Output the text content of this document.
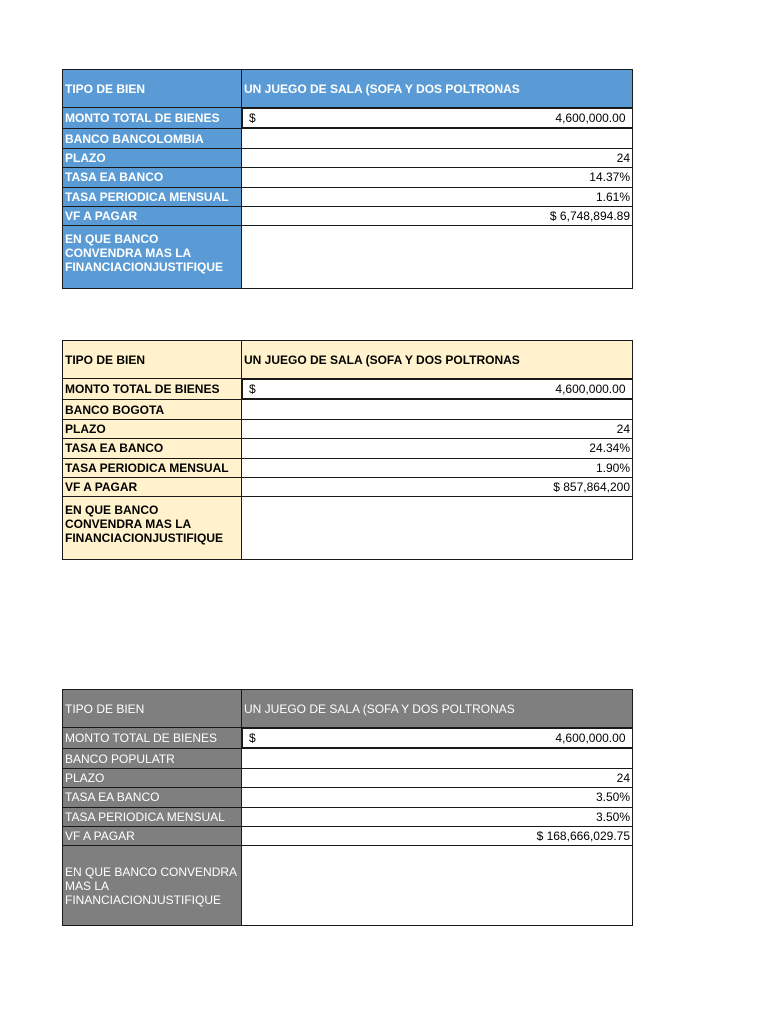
TIPO DE BIEN	UN JUEGO DE SALA (SOFA Y DOS POLTRONAS
MONTO TOTAL DE BIENES		$	4,600,000.00

BANCO BANCOLOMBIA	
PLAZO	24
TASA EA BANCO	14.37%
TASA PERIODICA MENSUAL	1.61%
VF A PAGAR	$ 6,748,894.89
EN QUE BANCO CONVENDRA MAS LA FINANCIACIONJUSTIFIQUE	
TIPO DE BIEN	UN JUEGO DE SALA (SOFA Y DOS POLTRONAS
MONTO TOTAL DE BIENES		$	4,600,000.00

BANCO BOGOTA	
PLAZO	24
TASA EA BANCO	24.34%
TASA PERIODICA MENSUAL	1.90%
VF A PAGAR	$ 857,864,200
EN QUE BANCO CONVENDRA MAS LA FINANCIACIONJUSTIFIQUE	
TIPO DE BIEN	UN JUEGO DE SALA (SOFA Y DOS POLTRONAS
MONTO TOTAL DE BIENES		$	4,600,000.00

BANCO POPULATR	
PLAZO	24
TASA EA BANCO	3.50%
TASA PERIODICA MENSUAL	3.50%
VF A PAGAR	$ 168,666,029.75
EN QUE BANCO CONVENDRA MAS LA FINANCIACIONJUSTIFIQUE	
